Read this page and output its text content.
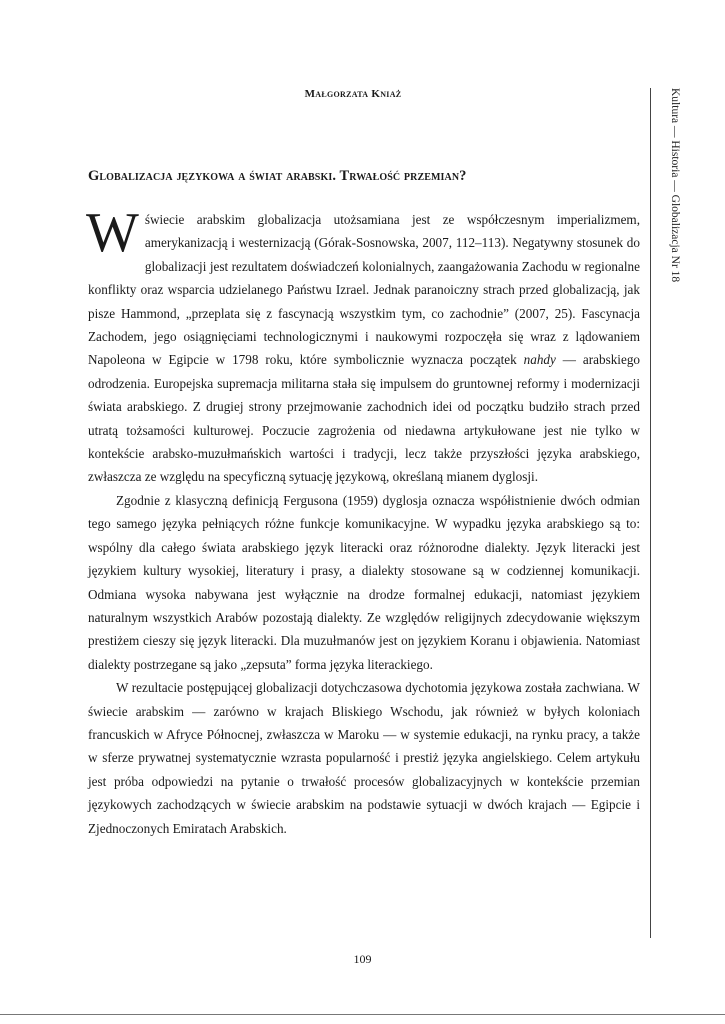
Małgorzata Kniaż	Kultura — Historia — Globalizacja Nr 18
Globalizacja językowa a świat arabski. Trwałość przemian?

W świecie arabskim globalizacja utożsamiana jest ze współczesnym imperializmem, amerykanizacją i westernizacją (Górak-Sosnowska, 2007, 112–113). Negatywny stosunek do globalizacji jest rezultatem doświadczeń kolonialnych, zaangażowania Zachodu w regionalne konflikty oraz wsparcia udzielanego Państwu Izrael. Jednak paranoiczny strach przed globalizacją, jak pisze Hammond, „przeplata się z fascynacją wszystkim tym, co zachodnie” (2007, 25). Fascynacja Zachodem, jego osiągnięciami technologicznymi i naukowymi rozpoczęła się wraz z lądowaniem Napoleona w Egipcie w 1798 roku, które symbolicznie wyznacza początek nahdy — arabskiego odrodzenia. Europejska supremacja militarna stała się impulsem do gruntownej reformy i modernizacji świata arabskiego. Z drugiej strony przejmowanie zachodnich idei od początku budziło strach przed utratą tożsamości kulturowej. Poczucie zagrożenia od niedawna artykułowane jest nie tylko w kontekście arabsko-muzułmańskich wartości i tradycji, lecz także przyszłości języka arabskiego, zwłaszcza ze względu na specyficzną sytuację językową, określaną mianem dyglosji.

Zgodnie z klasyczną definicją Fergusona (1959) dyglosja oznacza współistnienie dwóch odmian tego samego języka pełniących różne funkcje komunikacyjne. W wypadku języka arabskiego są to: wspólny dla całego świata arabskiego język literacki oraz różnorodne dialekty. Język literacki jest językiem kultury wysokiej, literatury i prasy, a dialekty stosowane są w codziennej komunikacji. Odmiana wysoka nabywana jest wyłącznie na drodze formalnej edukacji, natomiast językiem naturalnym wszystkich Arabów pozostają dialekty. Ze względów religijnych zdecydowanie większym prestiżem cieszy się język literacki. Dla muzułmanów jest on językiem Koranu i objawienia. Natomiast dialekty postrzegane są jako „zepsuta” forma języka literackiego.

W rezultacie postępującej globalizacji dotychczasowa dychotomia językowa została zachwiana. W świecie arabskim — zarówno w krajach Bliskiego Wschodu, jak również w byłych koloniach francuskich w Afryce Północnej, zwłaszcza w Maroku — w systemie edukacji, na rynku pracy, a także w sferze prywatnej systematycznie wzrasta popularność i prestiż języka angielskiego. Celem artykułu jest próba odpowiedzi na pytanie o trwałość procesów globalizacyjnych w kontekście przemian językowych zachodzących w świecie arabskim na podstawie sytuacji w dwóch krajach — Egipcie i Zjednoczonych Emiratach Arabskich.

109
